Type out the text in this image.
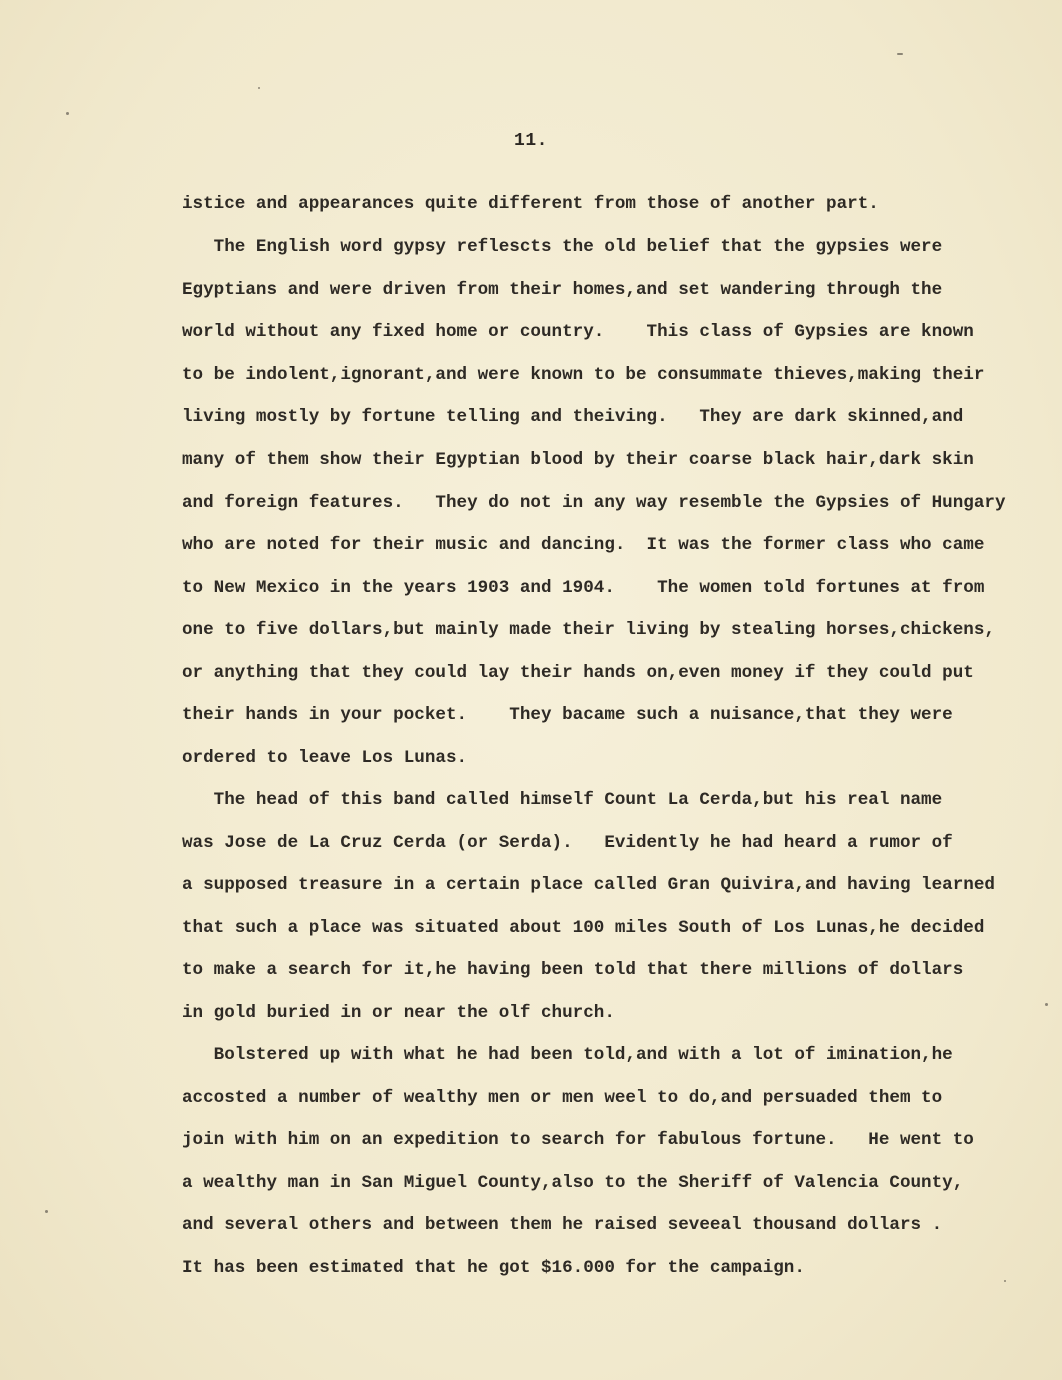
11.
istice and appearances quite different from those of another part.
The English word gypsy reflescts the old belief that the gypsies were
Egyptians and were driven from their homes,and set wandering through the
world without any fixed home or country.    This class of Gypsies are known
to be indolent,ignorant,and were known to be consummate thieves,making their
living mostly by fortune telling and theiving.   They are dark skinned,and
many of them show their Egyptian blood by their coarse black hair,dark skin
and foreign features.   They do not in any way resemble the Gypsies of Hungary
who are noted for their music and dancing.  It was the former class who came
to New Mexico in the years 1903 and 1904.    The women told fortunes at from
one to five dollars,but mainly made their living by stealing horses,chickens,
or anything that they could lay their hands on,even money if they could put
their hands in your pocket.    They bacame such a nuisance,that they were
ordered to leave Los Lunas.
The head of this band called himself Count La Cerda,but his real name
was Jose de La Cruz Cerda (or Serda).   Evidently he had heard a rumor of
a supposed treasure in a certain place called Gran Quivira,and having learned
that such a place was situated about 100 miles South of Los Lunas,he decided
to make a search for it,he having been told that there millions of dollars
in gold buried in or near the olf church.
Bolstered up with what he had been told,and with a lot of imination,he
accosted a number of wealthy men or men weel to do,and persuaded them to
join with him on an expedition to search for fabulous fortune.   He went to
a wealthy man in San Miguel County,also to the Sheriff of Valencia County,
and several others and between them he raised seveeal thousand dollars .
It has been estimated that he got $16.000 for the campaign.
